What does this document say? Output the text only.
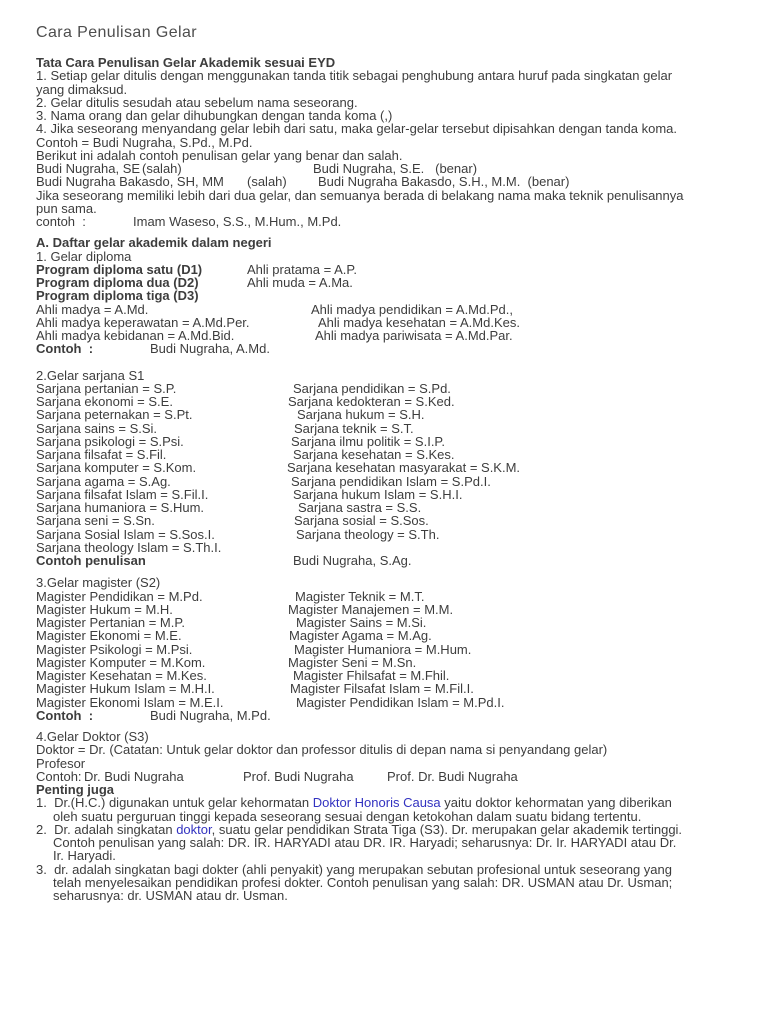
Cara Penulisan Gelar
Tata Cara Penulisan Gelar Akademik sesuai EYD
1. Setiap gelar ditulis dengan menggunakan tanda titik sebagai penghubung antara huruf pada singkatan gelar
yang dimaksud.
2. Gelar ditulis sesudah atau sebelum nama seseorang.
3. Nama orang dan gelar dihubungkan dengan tanda koma (,)
4. Jika seseorang menyandang gelar lebih dari satu, maka gelar-gelar tersebut dipisahkan dengan tanda koma.
Contoh = Budi Nugraha, S.Pd., M.Pd.
Berikut ini adalah contoh penulisan gelar yang benar dan salah.
Budi Nugraha, SE (salah)	Budi Nugraha, S.E.   (benar)
Budi Nugraha Bakasdo, SH, MM (salah) Budi Nugraha Bakasdo, S.H., M.M.  (benar)
Jika seseorang memiliki lebih dari dua gelar, dan semuanya berada di belakang nama maka teknik penulisannya
pun sama.
contoh  :	Imam Waseso, S.S., M.Hum., M.Pd.
A. Daftar gelar akademik dalam negeri
1. Gelar diploma
Program diploma satu (D1)	Ahli pratama = A.P.
Program diploma dua (D2)	Ahli muda = A.Ma.
Program diploma tiga (D3)
Ahli madya = A.Md.	Ahli madya pendidikan = A.Md.Pd.,
Ahli madya keperawatan = A.Md.Per.	Ahli madya kesehatan = A.Md.Kes.
Ahli madya kebidanan = A.Md.Bid.	Ahli madya pariwisata = A.Md.Par.
Contoh  :	Budi Nugraha, A.Md.
2.Gelar sarjana S1
Sarjana pertanian = S.P.	Sarjana pendidikan = S.Pd.
Sarjana ekonomi = S.E.	Sarjana kedokteran = S.Ked.
Sarjana peternakan = S.Pt.	Sarjana hukum = S.H.
Sarjana sains = S.Si.	Sarjana teknik = S.T.
Sarjana psikologi = S.Psi.	Sarjana ilmu politik = S.I.P.
Sarjana filsafat = S.Fil.	Sarjana kesehatan = S.Kes.
Sarjana komputer = S.Kom.	Sarjana kesehatan masyarakat = S.K.M.
Sarjana agama = S.Ag.	Sarjana pendidikan Islam = S.Pd.I.
Sarjana filsafat Islam = S.Fil.I.	Sarjana hukum Islam = S.H.I.
Sarjana humaniora = S.Hum.	Sarjana sastra = S.S.
Sarjana seni = S.Sn.	Sarjana sosial = S.Sos.
Sarjana Sosial Islam = S.Sos.I.	Sarjana theology = S.Th.
Sarjana theology Islam = S.Th.I.
Contoh penulisan	Budi Nugraha, S.Ag.
3.Gelar magister (S2)
Magister Pendidikan = M.Pd.	Magister Teknik = M.T.
Magister Hukum = M.H.	Magister Manajemen = M.M.
Magister Pertanian = M.P.	Magister Sains = M.Si.
Magister Ekonomi = M.E.	Magister Agama = M.Ag.
Magister Psikologi = M.Psi.	Magister Humaniora = M.Hum.
Magister Komputer = M.Kom.	Magister Seni = M.Sn.
Magister Kesehatan = M.Kes.	Magister Fhilsafat = M.Fhil.
Magister Hukum Islam = M.H.I.	Magister Filsafat Islam = M.Fil.I.
Magister Ekonomi Islam = M.E.I.	Magister Pendidikan Islam = M.Pd.I.
Contoh  :	Budi Nugraha, M.Pd.
4.Gelar Doktor (S3)
Doktor = Dr. (Catatan: Untuk gelar doktor dan professor ditulis di depan nama si penyandang gelar)
Profesor
Contoh: Dr. Budi Nugraha	Prof. Budi Nugraha	Prof. Dr. Budi Nugraha
Penting juga
1.  Dr.(H.C.) digunakan untuk gelar kehormatan Doktor Honoris Causa yaitu doktor kehormatan yang diberikan
oleh suatu perguruan tinggi kepada seseorang sesuai dengan ketokohan dalam suatu bidang tertentu.
2.  Dr. adalah singkatan doktor, suatu gelar pendidikan Strata Tiga (S3). Dr. merupakan gelar akademik tertinggi.
Contoh penulisan yang salah: DR. IR. HARYADI atau DR. IR. Haryadi; seharusnya: Dr. Ir. HARYADI atau Dr.
Ir. Haryadi.
3.  dr. adalah singkatan bagi dokter (ahli penyakit) yang merupakan sebutan profesional untuk seseorang yang
telah menyelesaikan pendidikan profesi dokter. Contoh penulisan yang salah: DR. USMAN atau Dr. Usman;
seharusnya: dr. USMAN atau dr. Usman.
